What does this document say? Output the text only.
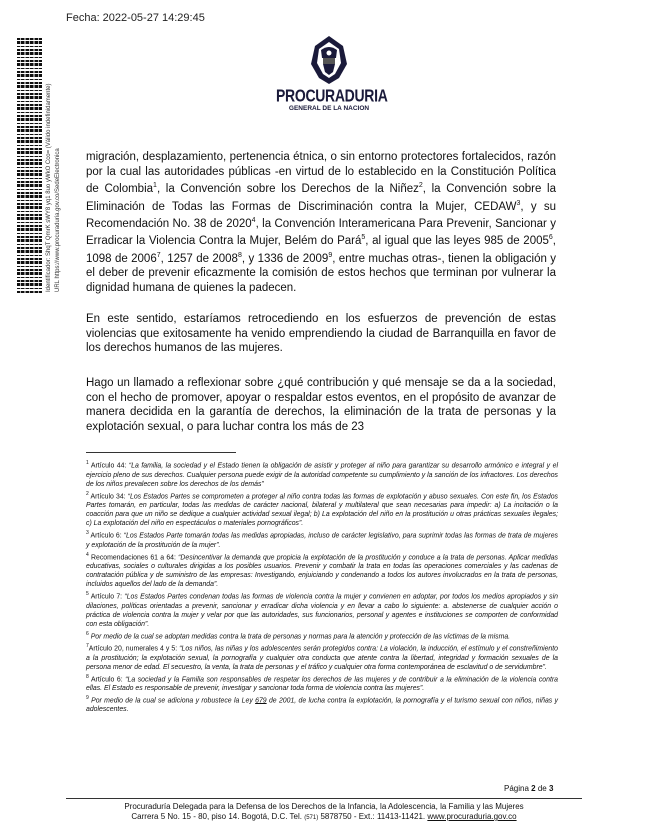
Fecha: 2022-05-27 14:29:45
Identificador: ShqT QmrK sWY8 yq1 8uo yWkO Cco= (Válido indefinidamente) URL https://www.procuraduria.gov.co/SedeElectronica
PROCURADURIA
GENERAL DE LA NACION
migración, desplazamiento, pertenencia étnica, o sin entorno protectores fortalecidos, razón por la cual las autoridades públicas -en virtud de lo establecido en la Constitución Política de Colombia$^1$, la Convención sobre los Derechos de la Niñez$^2$, la Convención sobre la Eliminación de Todas las Formas de Discriminación contra la Mujer, CEDAW$^3$, y su Recomendación No. 38 de 2020$^4$, la Convención Interamericana Para Prevenir, Sancionar y Erradicar la Violencia Contra la Mujer, Belém do Pará$^5$, al igual que las leyes 985 de 2005$^6$, 1098 de 2006$^7$, 1257 de 2008$^8$, y 1336 de 2009$^9$, entre muchas otras-, tienen la obligación y el deber de prevenir eficazmente la comisión de estos hechos que terminan por vulnerar la dignidad humana de quienes la padecen.
En este sentido, estaríamos retrocediendo en los esfuerzos de prevención de estas violencias que exitosamente ha venido emprendiendo la ciudad de Barranquilla en favor de los derechos humanos de las mujeres.
Hago un llamado a reflexionar sobre ¿qué contribución y qué mensaje se da a la sociedad, con el hecho de promover, apoyar o respaldar estos eventos, en el propósito de avanzar de manera decidida en la garantía de derechos, la eliminación de la trata de personas y la explotación sexual, o para luchar contra los más de 23

$^1$ Artículo 44: “La familia, la sociedad y el Estado tienen la obligación de asistir y proteger al niño para garantizar su desarrollo armónico e integral y el ejercicio pleno de sus derechos. Cualquier persona puede exigir de la autoridad competente su cumplimiento y la sanción de los infractores. Los derechos de los niños prevalecen sobre los derechos de los demás”

$^2$ Artículo 34: “Los Estados Partes se comprometen a proteger al niño contra todas las formas de explotación y abuso sexuales. Con este fin, los Estados Partes tomarán, en particular, todas las medidas de carácter nacional, bilateral y multilateral que sean necesarias para impedir: a) La incitación o la coacción para que un niño se dedique a cualquier actividad sexual ilegal; b) La explotación del niño en la prostitución u otras prácticas sexuales ilegales; c) La explotación del niño en espectáculos o materiales pornográficos”.

$^3$ Artículo 6: “Los Estados Parte tomarán todas las medidas apropiadas, incluso de carácter legislativo, para suprimir todas las formas de trata de mujeres y explotación de la prostitución de la mujer”.

$^4$ Recomendaciones 61 a 64: “Desincentivar la demanda que propicia la explotación de la prostitución y conduce a la trata de personas. Aplicar medidas educativas, sociales o culturales dirigidas a los posibles usuarios. Prevenir y combatir la trata en todas las operaciones comerciales y las cadenas de contratación pública y de suministro de las empresas: Investigando, enjuiciando y condenando a todos los autores involucrados en la trata de personas, incluidos aquellos del lado de la demanda”.

$^5$ Artículo 7: “Los Estados Partes condenan todas las formas de violencia contra la mujer y convienen en adoptar, por todos los medios apropiados y sin dilaciones, políticas orientadas a prevenir, sancionar y erradicar dicha violencia y en llevar a cabo lo siguiente: a. abstenerse de cualquier acción o práctica de violencia contra la mujer y velar por que las autoridades, sus funcionarios, personal y agentes e instituciones se comporten de conformidad con esta obligación”.

$^6$ Por medio de la cual se adoptan medidas contra la trata de personas y normas para la atención y protección de las víctimas de la misma.

$^7$Artículo 20, numerales 4 y 5: “Los niños, las niñas y los adolescentes serán protegidos contra: La violación, la inducción, el estímulo y el constreñimiento a la prostitución; la explotación sexual, la pornografía y cualquier otra conducta que atente contra la libertad, integridad y formación sexuales de la persona menor de edad. El secuestro, la venta, la trata de personas y el tráfico y cualquier otra forma contemporánea de esclavitud o de servidumbre”.

$^8$ Artículo 6: “La sociedad y la Familia son responsables de respetar los derechos de las mujeres y de contribuir a la eliminación de la violencia contra ellas. El Estado es responsable de prevenir, investigar y sancionar toda forma de violencia contra las mujeres”.

$^9$ Por medio de la cual se adiciona y robustece la Ley 679 de 2001, de lucha contra la explotación, la pornografía y el turismo sexual con niños, niñas y adolescentes.

Página 2 de 3
Procuraduría Delegada para la Defensa de los Derechos de la Infancia, la Adolescencia, la Familia y las Mujeres
Carrera 5 No. 15 - 80, piso 14. Bogotá, D.C. Tel. (571) 5878750 - Ext.: 11413-11421. www.procuraduria.gov.co
